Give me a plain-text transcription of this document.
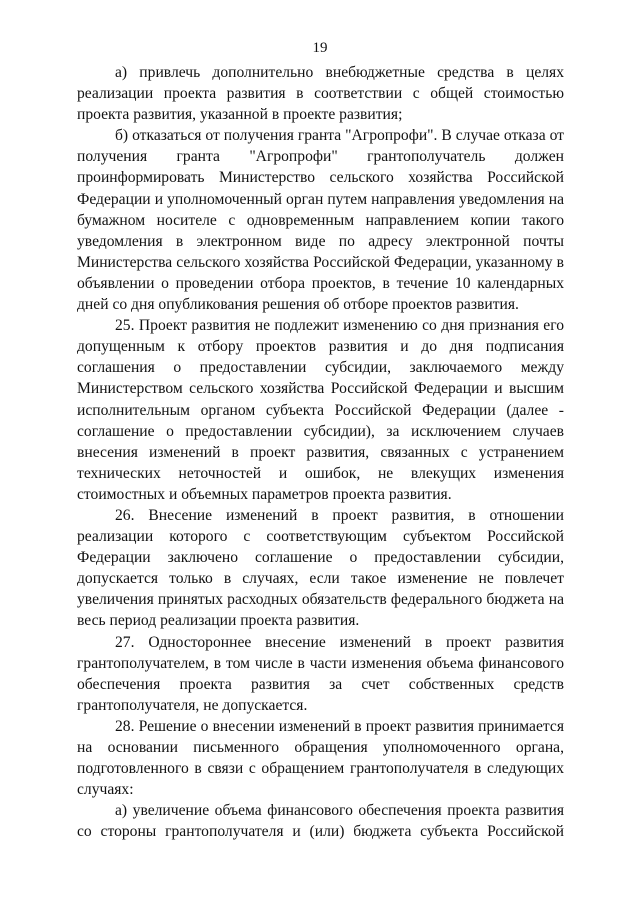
19

а) привлечь дополнительно внебюджетные средства в целях реализации проекта развития в соответствии с общей стоимостью проекта развития, указанной в проекте развития;

б) отказаться от получения гранта "Агропрофи". В случае отказа от получения гранта "Агропрофи" грантополучатель должен проинформировать Министерство сельского хозяйства Российской Федерации и уполномоченный орган путем направления уведомления на бумажном носителе с одновременным направлением копии такого уведомления в электронном виде по адресу электронной почты Министерства сельского хозяйства Российской Федерации, указанному в объявлении о проведении отбора проектов, в течение 10 календарных дней со дня опубликования решения об отборе проектов развития.

25. Проект развития не подлежит изменению со дня признания его допущенным к отбору проектов развития и до дня подписания соглашения о предоставлении субсидии, заключаемого между Министерством сельского хозяйства Российской Федерации и высшим исполнительным органом субъекта Российской Федерации (далее - соглашение о предоставлении субсидии), за исключением случаев внесения изменений в проект развития, связанных с устранением технических неточностей и ошибок, не влекущих изменения стоимостных и объемных параметров проекта развития.

26. Внесение изменений в проект развития, в отношении реализации которого с соответствующим субъектом Российской Федерации заключено соглашение о предоставлении субсидии, допускается только в случаях, если такое изменение не повлечет увеличения принятых расходных обязательств федерального бюджета на весь период реализации проекта развития.

27. Одностороннее внесение изменений в проект развития грантополучателем, в том числе в части изменения объема финансового обеспечения проекта развития за счет собственных средств грантополучателя, не допускается.

28. Решение о внесении изменений в проект развития принимается на основании письменного обращения уполномоченного органа, подготовленного в связи с обращением грантополучателя в следующих случаях:

а) увеличение объема финансового обеспечения проекта развития со стороны грантополучателя и (или) бюджета субъекта Российской
